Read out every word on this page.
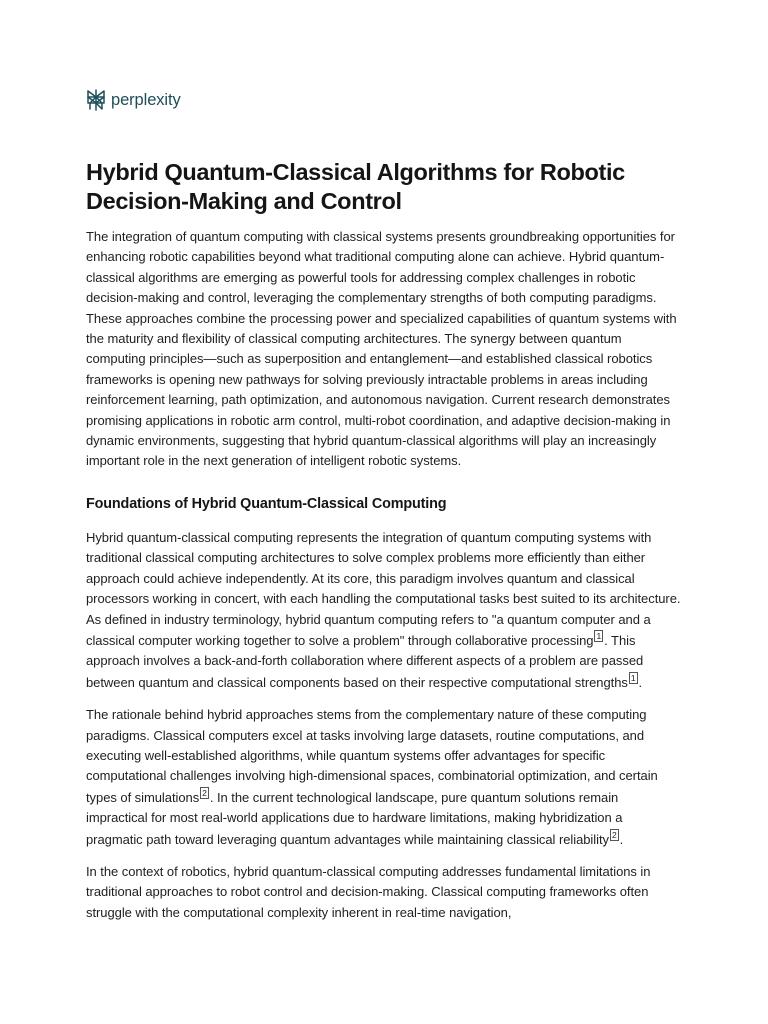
perplexity
Hybrid Quantum-Classical Algorithms for Robotic Decision-Making and Control

The integration of quantum computing with classical systems presents groundbreaking opportunities for enhancing robotic capabilities beyond what traditional computing alone can achieve. Hybrid quantum-classical algorithms are emerging as powerful tools for addressing complex challenges in robotic decision-making and control, leveraging the complementary strengths of both computing paradigms. These approaches combine the processing power and specialized capabilities of quantum systems with the maturity and flexibility of classical computing architectures. The synergy between quantum computing principles—such as superposition and entanglement—and established classical robotics frameworks is opening new pathways for solving previously intractable problems in areas including reinforcement learning, path optimization, and autonomous navigation. Current research demonstrates promising applications in robotic arm control, multi-robot coordination, and adaptive decision-making in dynamic environments, suggesting that hybrid quantum-classical algorithms will play an increasingly important role in the next generation of intelligent robotic systems.

Foundations of Hybrid Quantum-Classical Computing

Hybrid quantum-classical computing represents the integration of quantum computing systems with traditional classical computing architectures to solve complex problems more efficiently than either approach could achieve independently. At its core, this paradigm involves quantum and classical processors working in concert, with each handling the computational tasks best suited to its architecture. As defined in industry terminology, hybrid quantum computing refers to "a quantum computer and a classical computer working together to solve a problem" through collaborative processing 1 . This approach involves a back-and-forth collaboration where different aspects of a problem are passed between quantum and classical components based on their respective computational strengths 1 .

The rationale behind hybrid approaches stems from the complementary nature of these computing paradigms. Classical computers excel at tasks involving large datasets, routine computations, and executing well-established algorithms, while quantum systems offer advantages for specific computational challenges involving high-dimensional spaces, combinatorial optimization, and certain types of simulations 2 . In the current technological landscape, pure quantum solutions remain impractical for most real-world applications due to hardware limitations, making hybridization a pragmatic path toward leveraging quantum advantages while maintaining classical reliability 2 .

In the context of robotics, hybrid quantum-classical computing addresses fundamental limitations in traditional approaches to robot control and decision-making. Classical computing frameworks often struggle with the computational complexity inherent in real-time navigation,
